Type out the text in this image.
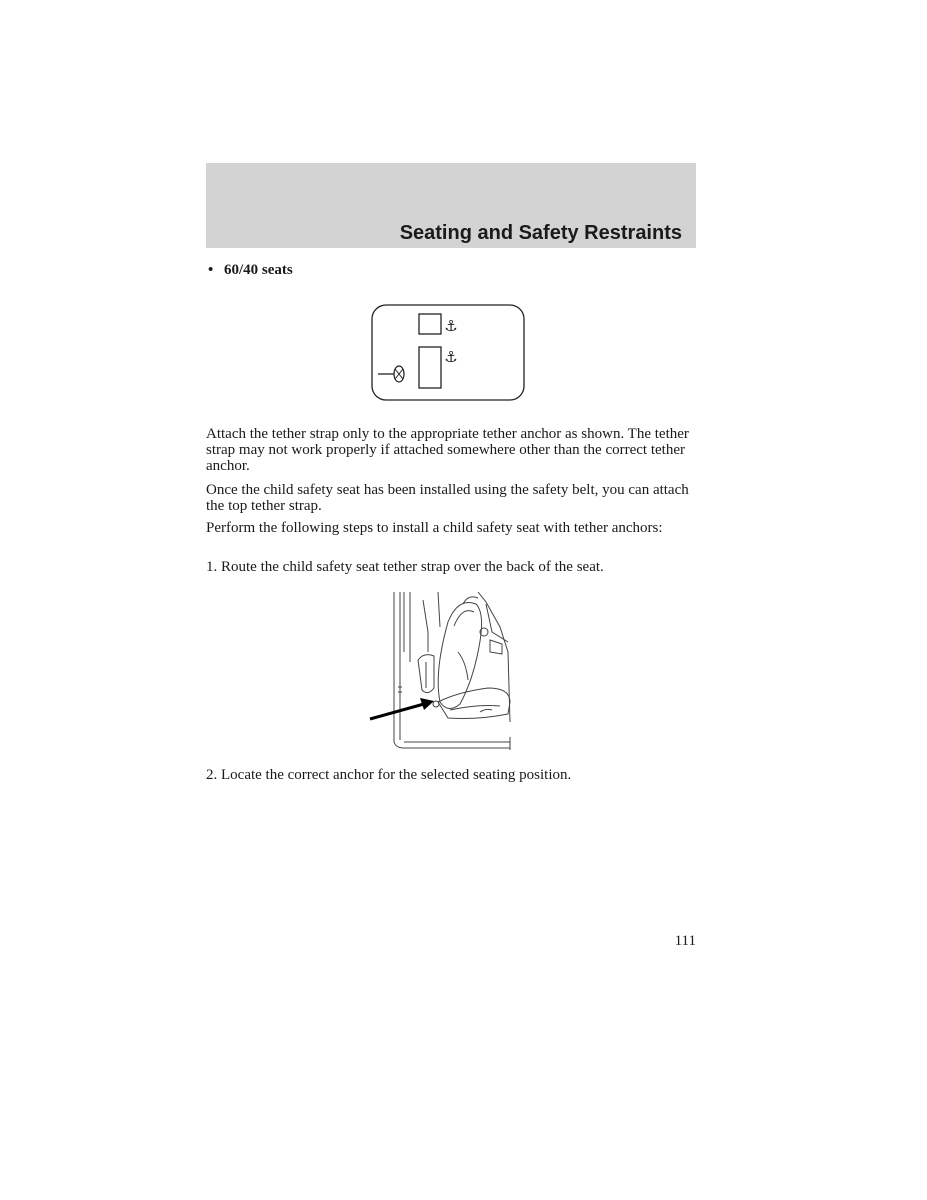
Seating and Safety Restraints
• 60/40 seats
⚓
⚓

Attach the tether strap only to the appropriate tether anchor as shown. The tether strap may not work properly if attached somewhere other than the correct tether anchor.

Once the child safety seat has been installed using the safety belt, you can attach the top tether strap.

Perform the following steps to install a child safety seat with tether anchors:

1. Route the child safety seat tether strap over the back of the seat.

2. Locate the correct anchor for the selected seating position.

111
